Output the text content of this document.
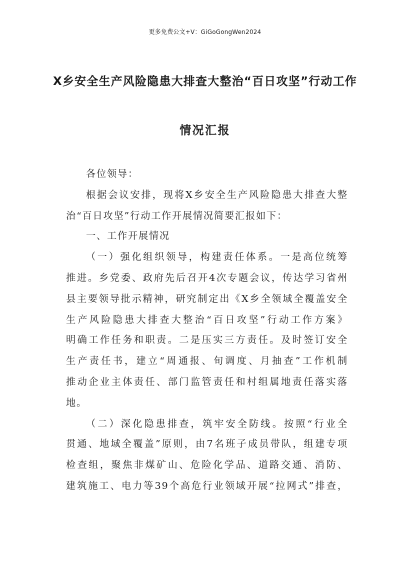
更多免费公文+V：GiGoGongWen2024
X乡安全生产风险隐患大排查大整治“百日攻坚”行动工作
情况汇报
各位领导：
根据会议安排，现将X乡安全生产风险隐患大排查大整
治“百日攻坚”行动工作开展情况简要汇报如下：
一、工作开展情况
（一）强化组织领导，构建责任体系。一是高位统筹
推进。乡党委、政府先后召开4次专题会议，传达学习省州
县主要领导批示精神，研究制定出《X乡全领域全覆盖安全
生产风险隐患大排查大整治“百日攻坚”行动工作方案》
明确工作任务和职责。二是压实三方责任。及时签订安全
生产责任书，建立“周通报、旬调度、月抽查”工作机制
推动企业主体责任、部门监管责任和村组属地责任落实落
地。
（二）深化隐患排查，筑牢安全防线。按照“行业全
贯通、地域全覆盖”原则，由7名班子成员带队，组建专项
检查组，聚焦非煤矿山、危险化学品、道路交通、消防、
建筑施工、电力等39个高危行业领域开展“拉网式”排查，
